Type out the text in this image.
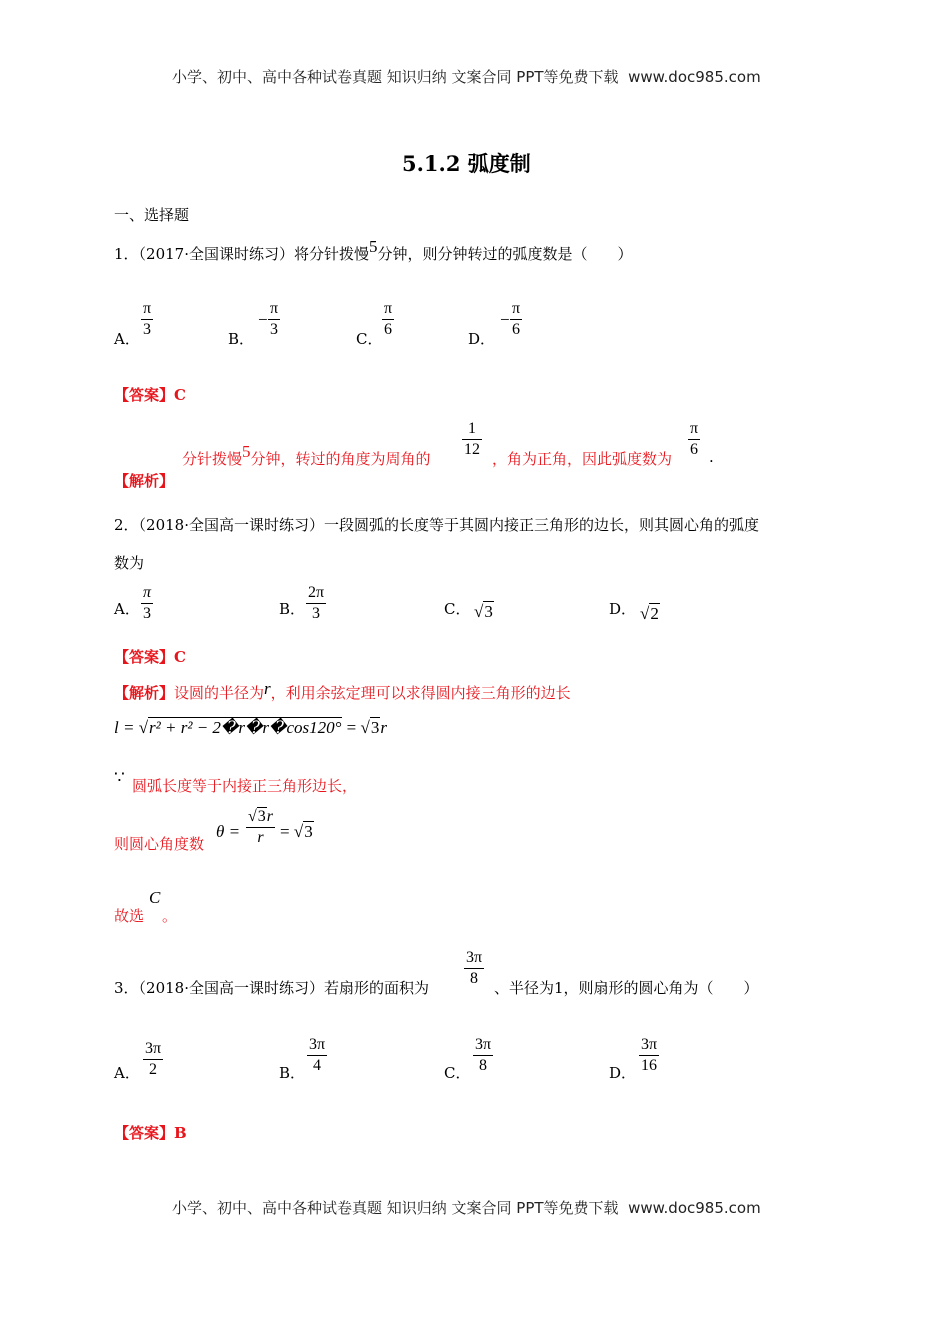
小学、初中、高中各种试卷真题 知识归纳 文案合同 PPT等免费下载 www.doc985.com
5.1.2 弧度制
一、选择题
1．（2017·全国课时练习）将分针拨慢5分钟，则分钟转过的弧度数是（　　）
A．
π
3
B．
−
π
3
C．
π
6
D．
−
π
6
【答案】C
分针拨慢5分钟，转过的角度为周角的
1
12
，角为正角，因此弧度数为
π
6 .
【解析】
2．（2018·全国高一课时练习）一段圆弧的长度等于其圆内接正三角形的边长，则其圆心角的弧度
数为
A．
π
3	B．
2π
3	C． √3	D． √2
【答案】C
【解析】设圆的半径为r，利用余弦定理可以求得圆内接三角形的边长
l = √r² + r² − 2�r�r�cos120° = √3r
∵ 圆弧长度等于内接正三角形边长，
则圆心角度数
θ =
√3r
r = √3
故选
C
。
3．（2018·全国高一课时练习）若扇形的面积为
3π
8
、半径为1，则扇形的圆心角为（　　）
A．
3π
2	B．
3π
4	C．
3π
8	D．
3π
16
【答案】B
小学、初中、高中各种试卷真题 知识归纳 文案合同 PPT等免费下载 www.doc985.com
